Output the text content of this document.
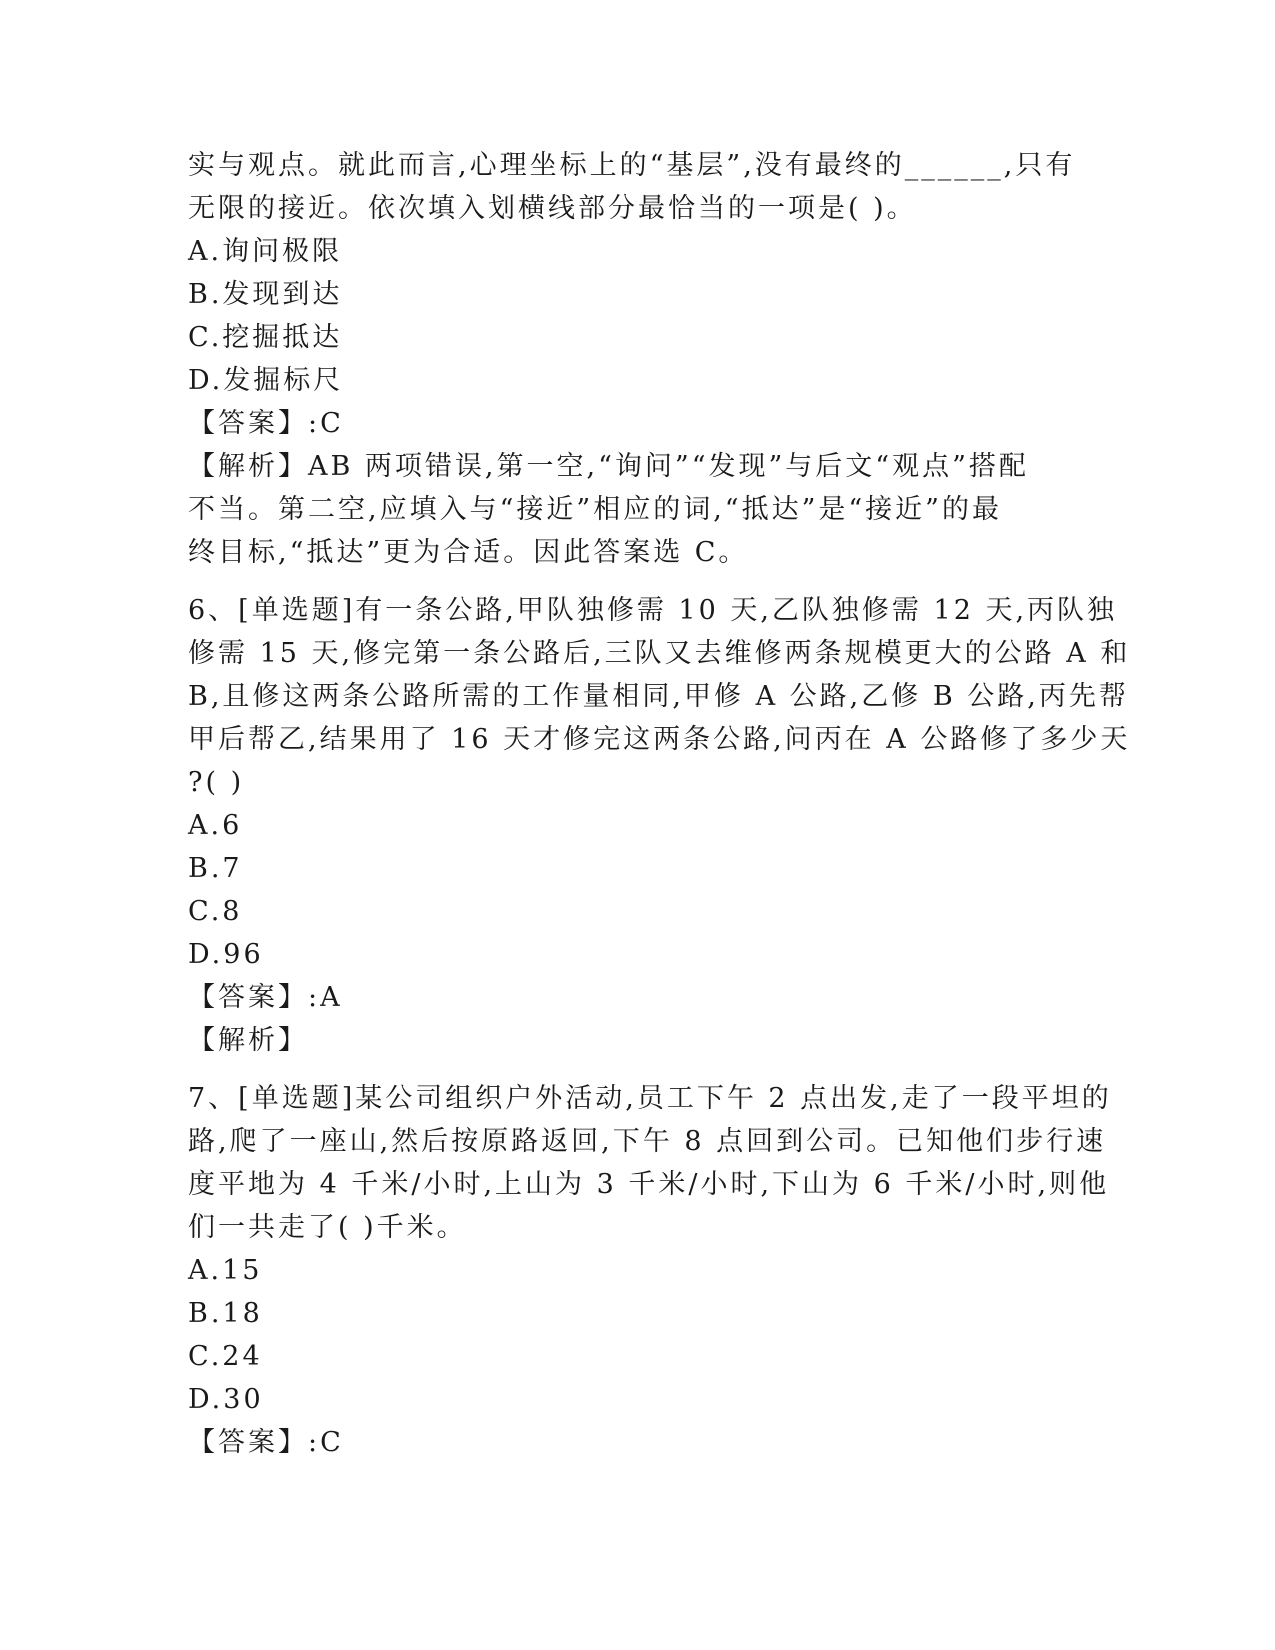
实与观点。就此而言,心理坐标上的“基层”,没有最终的______,只有
无限的接近。依次填入划横线部分最恰当的一项是( )。
A.询问极限
B.发现到达
C.挖掘抵达
D.发掘标尺
【答案】:C
【解析】AB 两项错误,第一空,“询问”“发现”与后文“观点”搭配
不当。第二空,应填入与“接近”相应的词,“抵达”是“接近”的最
终目标,“抵达”更为合适。因此答案选 C。
6、[单选题]有一条公路,甲队独修需 10 天,乙队独修需 12 天,丙队独
修需 15 天,修完第一条公路后,三队又去维修两条规模更大的公路 A 和
B,且修这两条公路所需的工作量相同,甲修 A 公路,乙修 B 公路,丙先帮
甲后帮乙,结果用了 16 天才修完这两条公路,问丙在 A 公路修了多少天
?( )
A.6
B.7
C.8
D.96
【答案】:A
【解析】
7、[单选题]某公司组织户外活动,员工下午 2 点出发,走了一段平坦的
路,爬了一座山,然后按原路返回,下午 8 点回到公司。已知他们步行速
度平地为 4 千米/小时,上山为 3 千米/小时,下山为 6 千米/小时,则他
们一共走了( )千米。
A.15
B.18
C.24
D.30
【答案】:C
